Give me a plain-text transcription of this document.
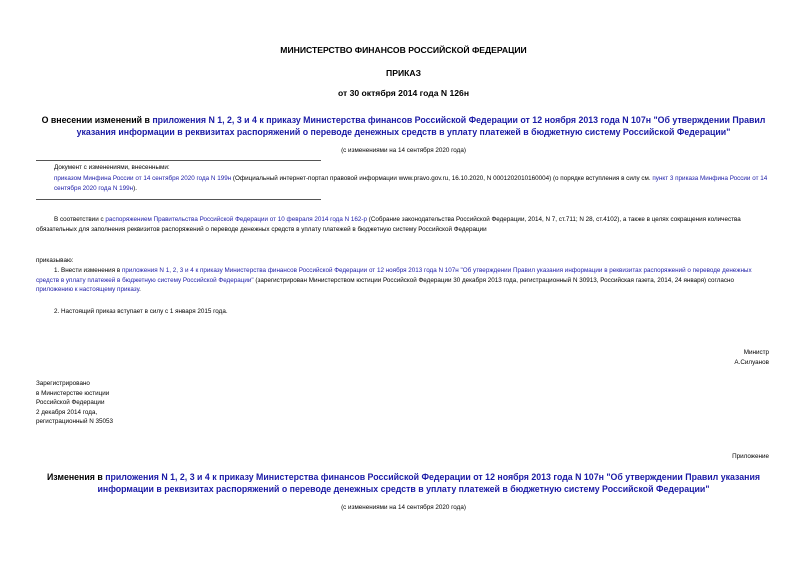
МИНИСТЕРСТВО ФИНАНСОВ РОССИЙСКОЙ ФЕДЕРАЦИИ
ПРИКАЗ
от 30 октября 2014 года N 126н
О внесении изменений в приложения N 1, 2, 3 и 4 к приказу Министерства финансов Российской Федерации от 12 ноября 2013 года N 107н "Об утверждении Правил указания информации в реквизитах распоряжений о переводе денежных средств в уплату платежей в бюджетную систему Российской Федерации"
(с изменениями на 14 сентября 2020 года)
Документ с изменениями, внесенными:
приказом Минфина России от 14 сентября 2020 года N 199н (Официальный интернет-портал правовой информации www.pravo.gov.ru, 16.10.2020, N 0001202010160004) (о порядке вступления в силу см. пункт 3 приказа Минфина России от 14 сентября 2020 года N 199н).
В соответствии с распоряжением Правительства Российской Федерации от 10 февраля 2014 года N 162-р (Собрание законодательства Российской Федерации, 2014, N 7, ст.711; N 28, ст.4102), а также в целях сокращения количества обязательных для заполнения реквизитов распоряжений о переводе денежных средств в уплату платежей в бюджетную систему Российской Федерации
приказываю:
1. Внести изменения в приложения N 1, 2, 3 и 4 к приказу Министерства финансов Российской Федерации от 12 ноября 2013 года N 107н "Об утверждении Правил указания информации в реквизитах распоряжений о переводе денежных средств в уплату платежей в бюджетную систему Российской Федерации" (зарегистрирован Министерством юстиции Российской Федерации 30 декабря 2013 года, регистрационный N 30913, Российская газета, 2014, 24 января) согласно приложению к настоящему приказу.
2. Настоящий приказ вступает в силу с 1 января 2015 года.
Министр
А.Силуанов
Зарегистрировано
в Министерстве юстиции
Российской Федерации
2 декабря 2014 года,
регистрационный N 35053
Приложение
Изменения в приложения N 1, 2, 3 и 4 к приказу Министерства финансов Российской Федерации от 12 ноября 2013 года N 107н "Об утверждении Правил указания информации в реквизитах распоряжений о переводе денежных средств в уплату платежей в бюджетную систему Российской Федерации"
(с изменениями на 14 сентября 2020 года)
